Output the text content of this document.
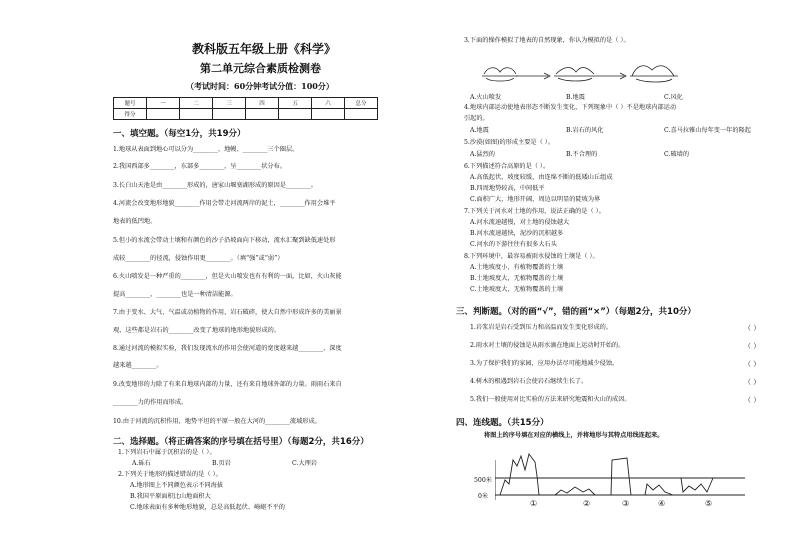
教科版五年级上册《科学》
第二单元综合素质检测卷
（考试时间：60分钟考试分值：100分）
题号	一	二	三	四	五	六	总分
得分							
一、填空题。（每空1分，共19分）
1.地球从表面到地心可以分为________、地幔、________三个圈层。
2.我国西部多________，东部多________，呈________状分布。
3.长白山天池是由________形成的，唐家山堰塞湖形成的原因是________。
4.河流会改变地形地貌________作用会带走河流两岸的泥土，________作用会堆平
地表的低凹地。
5.但小的水流会带动土壤和有颜色的沙子沿坡面向下移动，流水汇聚到缺低速处形
成较________的径流，侵蚀作用更________。（填“强”或“弱”）
6.火山喷发是一种严重的________，但是火山喷发也有有利的一面，比如，火山灰能
提高________，________也是一种清洁能源。
7.由于变水、大气、气温或动植物的作用，岩石破碎，使大自然中形成许多的美丽景
观，这些都是岩石的________改变了地球的地形地貌形成的。
8.通过河流的模拟实验，我们发现流水的作用会使河道的宽度越来越________，深度
越来越________。
9.改变地形的力除了有来自地球内部的力量，还有来自地球外部的力量。雨雨石来自
________力的作用而形成。
10.由于河流的沉积作用，地势平坦的平原一般在大河的________流域形成。
二、选择题。（将正确答案的序号填在括号里）（每题2分，共16分）
1.下列岩石中属于沉积岩的是（ ）。
A.砾石	B.页岩	C.大理岩
2.下列关于地形的描述错误的是（ ）。
A.地形图上不同颜色表示不同海拔
B.我国平原面积比山地面积大
C.地球表面有多种地形地貌，总是高低起伏、崎岖不平的
3.下面的操作模拟了地表的自然现象，你认为模拟的是（ ）。
A.火山喷发	B.地震	C.风化
4.地球内部运动使地表形态不断发生变化，下列现象中（ ）不是地球内部运动
引起的。
A.地震	B.岩石的风化	C.喜马拉雅山每年变一年的隆起
5.沙漠(如图)的形成主要是（ ）。
A.猛烈的	B.不合理的	C.破墙的
6.下列描述符合高原的是（ ）。
A.高低起伏，坡度较缓，由连绵不断的低矮山丘组成
B.四周地势较高，中间低平
C.面积广大，地形开阔，周边以明显的陡坡为界
7.下列关于河水对土地的作用，说法正确的是（ ）。
A.河水流速越慢，对土地的侵蚀越大
B.河水流速越快，泥沙的沉积越多
C.河水的下游往往有很多大石头
8.下列环境中，最容易被雨水侵蚀的土壤是（ ）。
A.土地坡度小，有植物覆盖的土壤
B.土地坡度大，无植物覆盖的土壤
C.土地坡度大，无植物覆盖的土壤
三、判断题。（对的画“√”，错的画“×”）（每题2分，共10分）
1.岩浆岩是岩石受到压力和高温而发生变化形成的。	（ ）
2.雨水对土壤的侵蚀是从雨水滴在地面上运动时开始的。	（ ）
3.为了保护我们的家园，应用办法尽可能地减少侵蚀。	（ ）
4.树木的根遇到岩石会使岩石继续生长了。	（ ）
5.我们一般使用对比实验的方法来研究地震和火山的成因。	（ ）
四、连线题。（共15分）
将图上的序号填在对应的横线上，并将地形与其特点用线连起来。
500米
0米
①	②	③	④	⑤
